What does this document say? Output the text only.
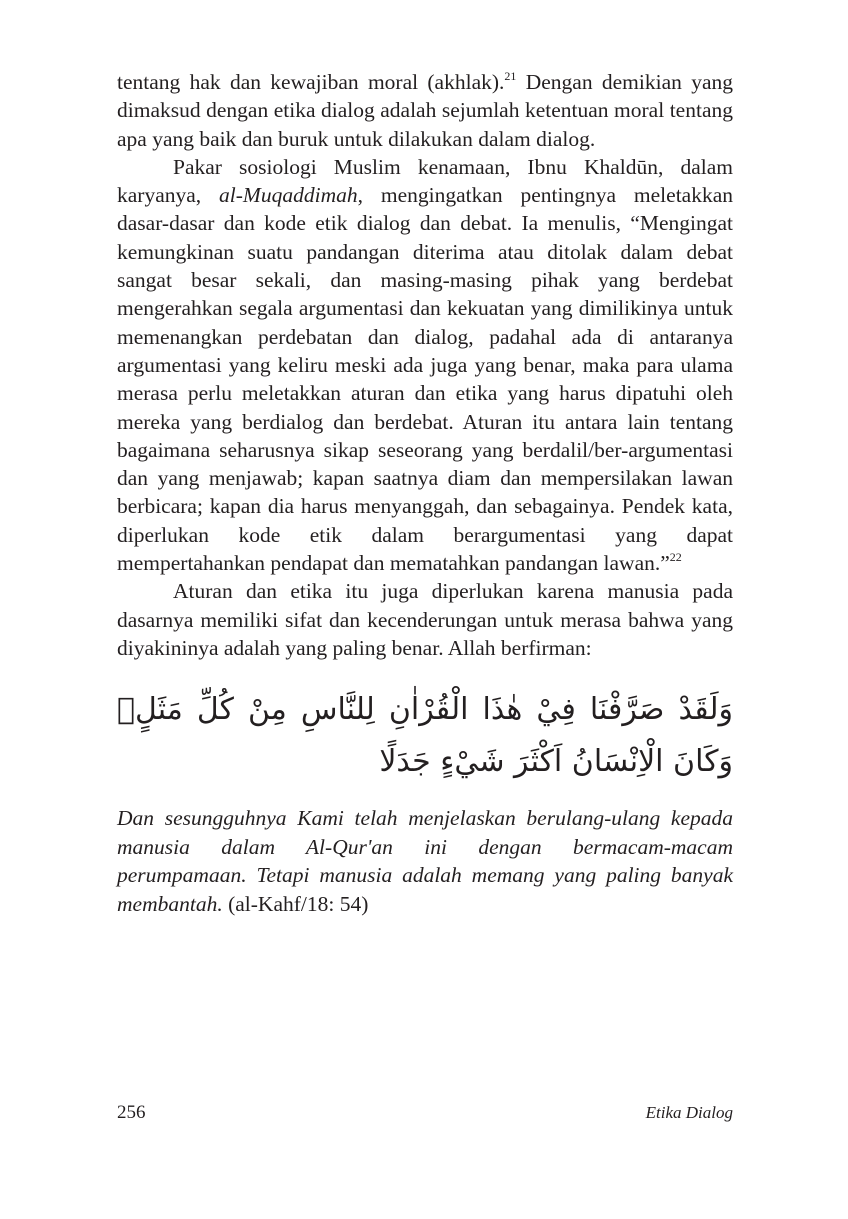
tentang hak dan kewajiban moral (akhlak).$^{21}$ Dengan demikian yang dimaksud dengan etika dialog adalah sejumlah ketentuan moral tentang apa yang baik dan buruk untuk dilakukan dalam dialog.

Pakar sosiologi Muslim kenamaan, Ibnu Khaldūn, dalam karyanya, al-Muqaddimah, mengingatkan pentingnya meletakkan dasar-dasar dan kode etik dialog dan debat. Ia menulis, “Mengingat kemungkinan suatu pandangan diterima atau ditolak dalam debat sangat besar sekali, dan masing-masing pihak yang berdebat mengerahkan segala argumentasi dan kekuatan yang dimilikinya untuk memenangkan perdebatan dan dialog, padahal ada di antaranya argumentasi yang keliru meski ada juga yang benar, maka para ulama merasa perlu meletakkan aturan dan etika yang harus dipatuhi oleh mereka yang berdialog dan berdebat. Aturan itu antara lain tentang bagaimana seharusnya sikap seseorang yang berdalil/ber-argumentasi dan yang menjawab; kapan saatnya diam dan mempersilakan lawan berbicara; kapan dia harus menyanggah, dan sebagainya. Pendek kata, diperlukan kode etik dalam berargumentasi yang dapat mempertahankan pendapat dan mematahkan pandangan lawan.”$^{22}$

Aturan dan etika itu juga diperlukan karena manusia pada dasarnya memiliki sifat dan kecenderungan untuk merasa bahwa yang diyakininya adalah yang paling benar. Allah berfirman:

وَلَقَدْ صَرَّفْنَا فِيْ هٰذَا الْقُرْاٰنِ لِلنَّاسِ مِنْ كُلِّ مَثَلٍۗ وَكَانَ الْاِنْسَانُ اَكْثَرَ شَيْءٍ جَدَلًا

Dan sesungguhnya Kami telah menjelaskan berulang-ulang kepada manusia dalam Al-Qur'an ini dengan bermacam-macam perumpamaan. Tetapi manusia adalah memang yang paling banyak membantah. (al-Kahf/18: 54)

256	Etika Dialog
